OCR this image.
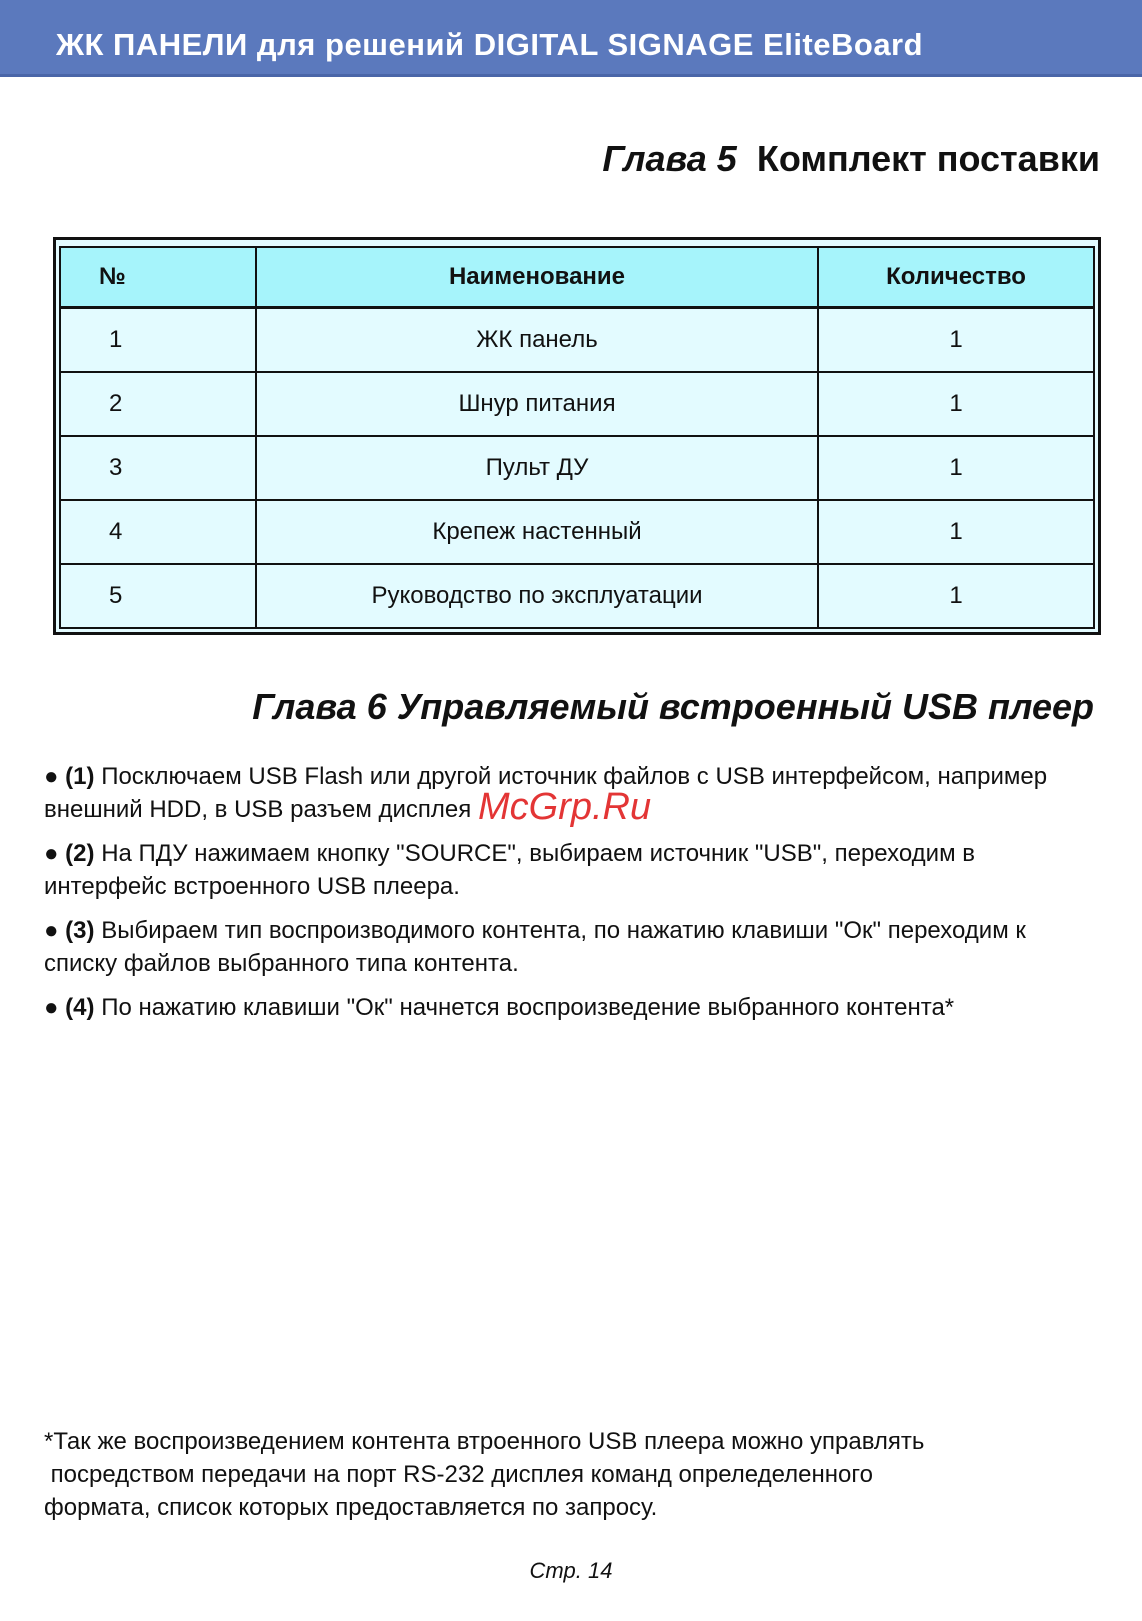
ЖК ПАНЕЛИ для решений DIGITAL SIGNAGE EliteBoard
Глава 5 Комплект поставки
№	Наименование	Количество
1	ЖК панель	1
2	Шнур питания	1
3	Пульт ДУ	1
4	Крепеж настенный	1
5	Руководство по эксплуатации	1
Глава 6 Управляемый встроенный USB плеер
● (1) Посключаем USB Flash или другой источник файлов с USB интерфейсом, например внешний HDD, в USB разъем дисплея
● (2) На ПДУ нажимаем кнопку "SOURCE", выбираем источник "USB", переходим в интерфейс встроенного USB плеера.
● (3) Выбираем тип воспроизводимого контента, по нажатию клавиши "Ок" переходим к списку файлов выбранного типа контента.
● (4) По нажатию клавиши "Ок" начнется воспроизведение выбранного контента*
McGrp.Ru
*Так же воспроизведением контента втроенного USB плеера можно управлять
посредством передачи на порт RS-232 дисплея команд опреледеленного
формата, список которых предоставляется по запросу.
Стр. 14
